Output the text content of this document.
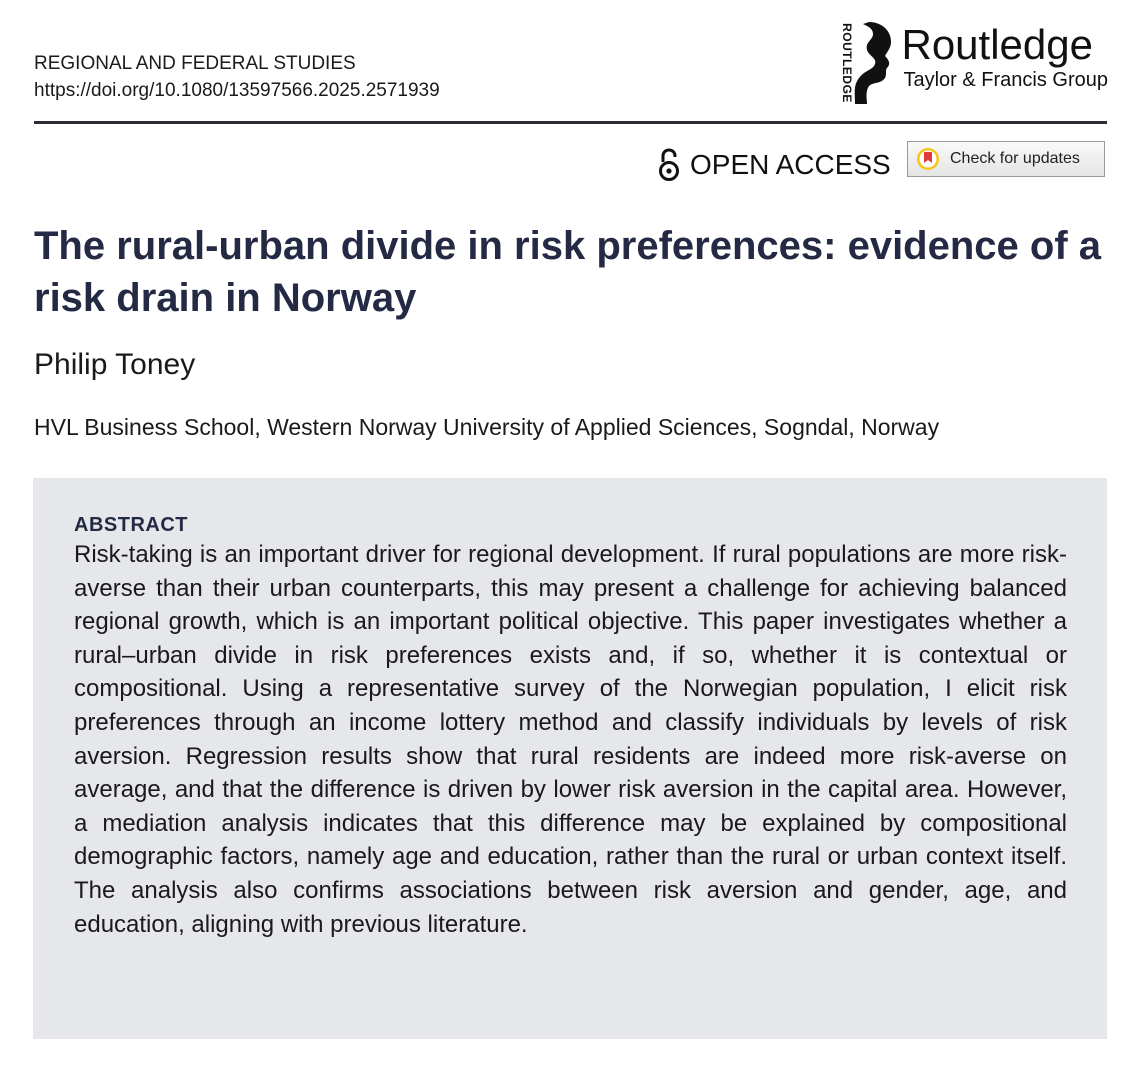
REGIONAL AND FEDERAL STUDIES
https://doi.org/10.1080/13597566.2025.2571939	ROUTLEDGE Routledge
Taylor & Francis Group
OPEN ACCESS	Check for updates
The rural-urban divide in risk preferences: evidence of a risk drain in Norway
Philip Toney
HVL Business School, Western Norway University of Applied Sciences, Sogndal, Norway
ABSTRACT

Risk-taking is an important driver for regional development. If rural populations are more risk-averse than their urban counterparts, this may present a challenge for achieving balanced regional growth, which is an important political objective. This paper investigates whether a rural–urban divide in risk preferences exists and, if so, whether it is contextual or compositional. Using a representative survey of the Norwegian population, I elicit risk preferences through an income lottery method and classify individuals by levels of risk aversion. Regression results show that rural residents are indeed more risk-averse on average, and that the difference is driven by lower risk aversion in the capital area. However, a mediation analysis indicates that this difference may be explained by compositional demographic factors, namely age and education, rather than the rural or urban context itself. The analysis also confirms associations between risk aversion and gender, age, and education, aligning with previous literature.
